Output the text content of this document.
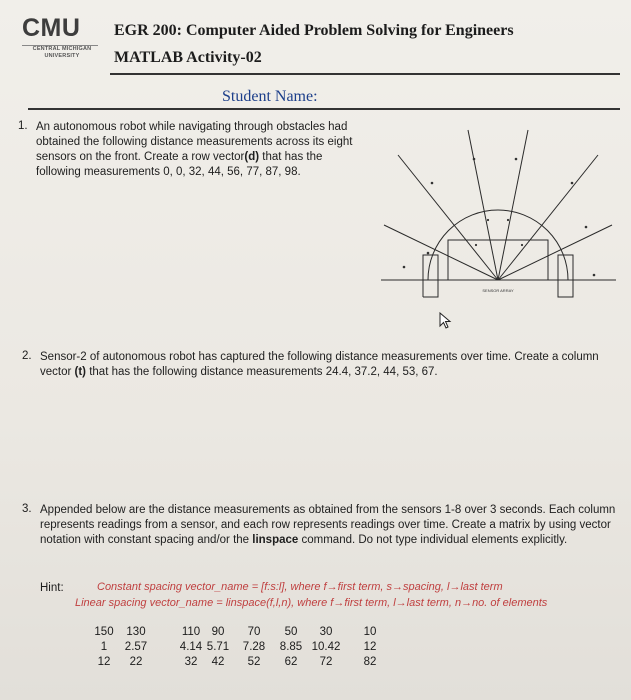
CMU
CENTRAL MICHIGAN
UNIVERSITY
EGR 200: Computer Aided Problem Solving for Engineers
MATLAB Activity-02
Student Name:
1. An autonomous robot while navigating through obstacles had obtained the following distance measurements across its eight sensors on the front. Create a row vector(d) that has the following measurements 0, 0, 32, 44, 56, 77, 87, 98.
SENSOR ARRAY
2. Sensor-2 of autonomous robot has captured the following distance measurements over time. Create a column vector (t) that has the following distance measurements 24.4, 37.2, 44, 53, 67.
3. Appended below are the distance measurements as obtained from the sensors 1-8 over 3 seconds. Each column represents readings from a sensor, and each row represents readings over time. Create a matrix by using vector notation with constant spacing and/or the linspace command. Do not type individual elements explicitly.
Hint:	Constant spacing vector_name = [f:s:l], where f→first term, s→spacing, l→last term
Linear spacing vector_name = linspace(f,l,n), where f→first term, l→last term, n→no. of elements
150	130	110 90	70	50	30	10
1	2.57	4.14 5.71	7.28	8.85 10.42	12
12	22	32	42	52	62	72	82
